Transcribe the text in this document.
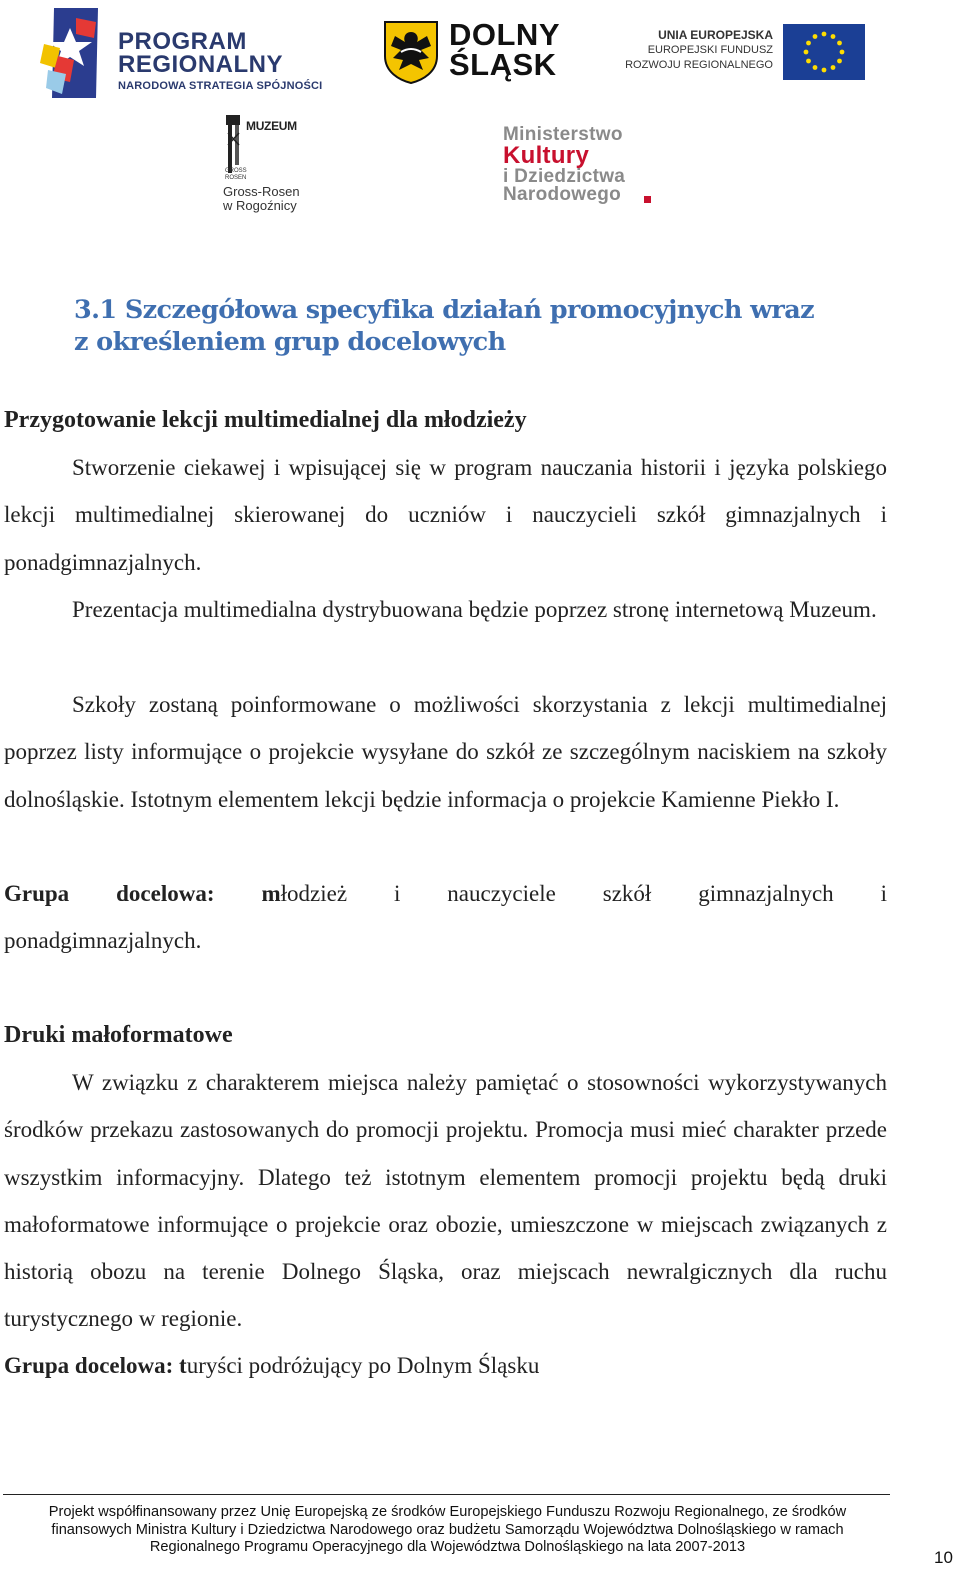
PROGRAM
REGIONALNY
NARODOWA STRATEGIA SPÓJNOŚCI
DOLNY
ŚLĄSK
UNIA EUROPEJSKA
EUROPEJSKI FUNDUSZ
ROZWOJU REGIONALNEGO
MUZEUM
GROSS ROSEN
Gross-Rosen
w Rogoźnicy
Ministerstwo
Kultury
i Dziedzictwa
Narodowego
3.1 Szczegółowa specyfika działań promocyjnych wraz z określeniem grup docelowych
Przygotowanie lekcji multimedialnej dla młodzieży

Stworzenie ciekawej i wpisującej się w program nauczania historii i języka polskiego lekcji multimedialnej skierowanej do uczniów i nauczycieli szkół gimnazjalnych i ponadgimnazjalnych.

Prezentacja multimedialna dystrybuowana będzie poprzez stronę internetową Muzeum.

Szkoły zostaną poinformowane o możliwości skorzystania z lekcji multimedialnej poprzez listy informujące o projekcie wysyłane do szkół ze szczególnym naciskiem na szkoły dolnośląskie. Istotnym elementem lekcji będzie informacja o projekcie Kamienne Piekło I.

Grupa docelowa: młodzież i nauczyciele szkół gimnazjalnych i

ponadgimnazjalnych.

Druki małoformatowe

W związku z charakterem miejsca należy pamiętać o stosowności wykorzystywanych środków przekazu zastosowanych do promocji projektu. Promocja musi mieć charakter przede wszystkim informacyjny. Dlatego też istotnym elementem promocji projektu będą druki małoformatowe informujące o projekcie oraz obozie, umieszczone w miejscach związanych z historią obozu na terenie Dolnego Śląska, oraz miejscach newralgicznych dla ruchu turystycznego w regionie.

Grupa docelowa: turyści podróżujący po Dolnym Śląsku

Projekt współfinansowany przez Unię Europejską ze środków Europejskiego Funduszu Rozwoju Regionalnego, ze środków
finansowych Ministra Kultury i Dziedzictwa Narodowego oraz budżetu Samorządu Województwa Dolnośląskiego w ramach
Regionalnego Programu Operacyjnego dla Województwa Dolnośląskiego na lata 2007-2013
10
